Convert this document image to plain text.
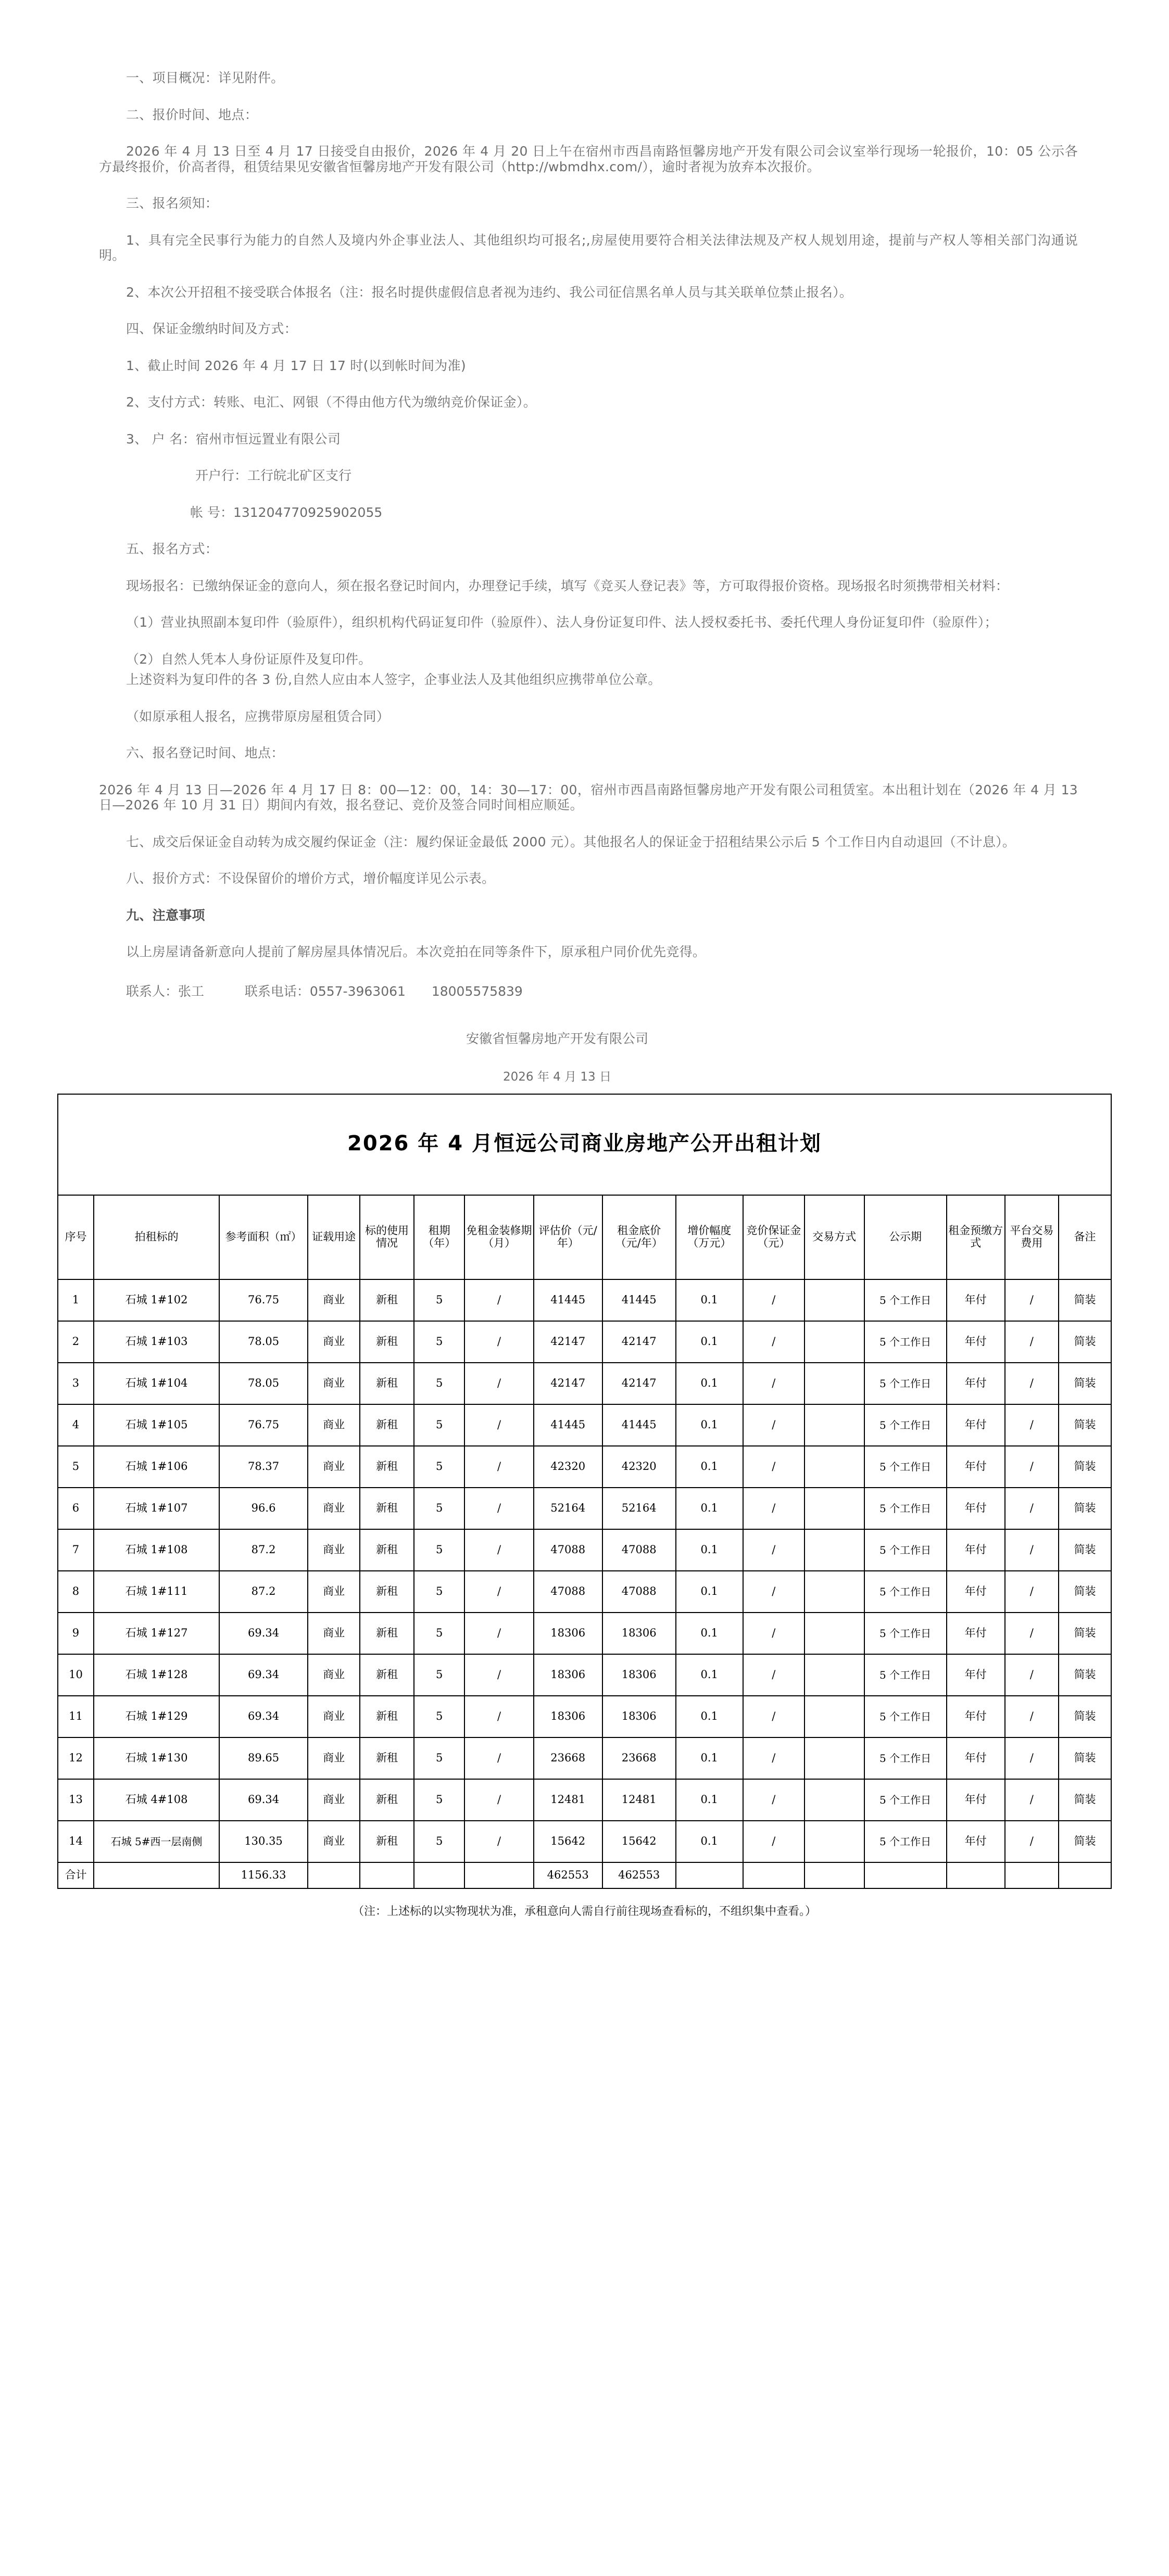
一、项目概况：详见附件。

二、报价时间、地点：

2026 年 4 月 13 日至 4 月 17 日接受自由报价，2026 年 4 月 20 日上午在宿州市西昌南路恒馨房地产开发有限公司会议室举行现场一轮报价，10：05 公示各方最终报价，价高者得，租赁结果见安徽省恒馨房地产开发有限公司（http://wbmdhx.com/），逾时者视为放弃本次报价。

三、报名须知：

1、具有完全民事行为能力的自然人及境内外企事业法人、其他组织均可报名;,房屋使用要符合相关法律法规及产权人规划用途，提前与产权人等相关部门沟通说明。

2、本次公开招租不接受联合体报名（注：报名时提供虚假信息者视为违约、我公司征信黑名单人员与其关联单位禁止报名）。

四、保证金缴纳时间及方式：

1、截止时间 2026 年 4 月 17 日 17 时(以到帐时间为准)

2、支付方式：转账、电汇、网银（不得由他方代为缴纳竞价保证金）。

3、 户 名：宿州市恒远置业有限公司

开户行：工行皖北矿区支行

帐 号：131204770925902055

五、报名方式：

现场报名：已缴纳保证金的意向人，须在报名登记时间内，办理登记手续，填写《竞买人登记表》等，方可取得报价资格。现场报名时须携带相关材料：

（1）营业执照副本复印件（验原件），组织机构代码证复印件（验原件）、法人身份证复印件、法人授权委托书、委托代理人身份证复印件（验原件）；

（2）自然人凭本人身份证原件及复印件。

上述资料为复印件的各 3 份,自然人应由本人签字，企事业法人及其他组织应携带单位公章。

（如原承租人报名，应携带原房屋租赁合同）

六、报名登记时间、地点：

2026 年 4 月 13 日—2026 年 4 月 17 日 8：00—12：00，14：30—17：00，宿州市西昌南路恒馨房地产开发有限公司租赁室。本出租计划在（2026 年 4 月 13 日—2026 年 10 月 31 日）期间内有效，报名登记、竞价及签合同时间相应顺延。

七、成交后保证金自动转为成交履约保证金（注：履约保证金最低 2000 元）。其他报名人的保证金于招租结果公示后 5 个工作日内自动退回（不计息）。

八、报价方式：不设保留价的增价方式，增价幅度详见公示表。

九、注意事项

以上房屋请备新意向人提前了解房屋具体情况后。本次竞拍在同等条件下，原承租户同价优先竞得。

联系人：张工	联系电话：0557-3963061 18005575839
安徽省恒馨房地产开发有限公司
2026 年 4 月 13 日
2026 年 4 月恒远公司商业房地产公开出租计划															
序号	拍租标的	参考面积（㎡）	证载用途	标的使用情况	租期（年）	免租金装修期（月）	评估价（元/年）	租金底价 （元/年）	增价幅度（万元）	竞价保证金（元）	交易方式	公示期	租金预缴方式	平台交易费用	备注
1	石城 1#102	76.75	商业	新租	5	/	41445	41445	0.1	/		5 个工作日	年付	/	简装
2	石城 1#103	78.05	商业	新租	5	/	42147	42147	0.1	/		5 个工作日	年付	/	简装
3	石城 1#104	78.05	商业	新租	5	/	42147	42147	0.1	/		5 个工作日	年付	/	简装
4	石城 1#105	76.75	商业	新租	5	/	41445	41445	0.1	/		5 个工作日	年付	/	简装
5	石城 1#106	78.37	商业	新租	5	/	42320	42320	0.1	/		5 个工作日	年付	/	简装
6	石城 1#107	96.6	商业	新租	5	/	52164	52164	0.1	/		5 个工作日	年付	/	简装
7	石城 1#108	87.2	商业	新租	5	/	47088	47088	0.1	/		5 个工作日	年付	/	简装
8	石城 1#111	87.2	商业	新租	5	/	47088	47088	0.1	/		5 个工作日	年付	/	简装
9	石城 1#127	69.34	商业	新租	5	/	18306	18306	0.1	/		5 个工作日	年付	/	简装
10	石城 1#128	69.34	商业	新租	5	/	18306	18306	0.1	/		5 个工作日	年付	/	简装
11	石城 1#129	69.34	商业	新租	5	/	18306	18306	0.1	/		5 个工作日	年付	/	简装
12	石城 1#130	89.65	商业	新租	5	/	23668	23668	0.1	/		5 个工作日	年付	/	简装
13	石城 4#108	69.34	商业	新租	5	/	12481	12481	0.1	/		5 个工作日	年付	/	简装
14	石城 5#西一层南侧	130.35	商业	新租	5	/	15642	15642	0.1	/		5 个工作日	年付	/	简装
合计		1156.33					462553	462553							
（注：上述标的以实物现状为准，承租意向人需自行前往现场查看标的，不组织集中查看。）
